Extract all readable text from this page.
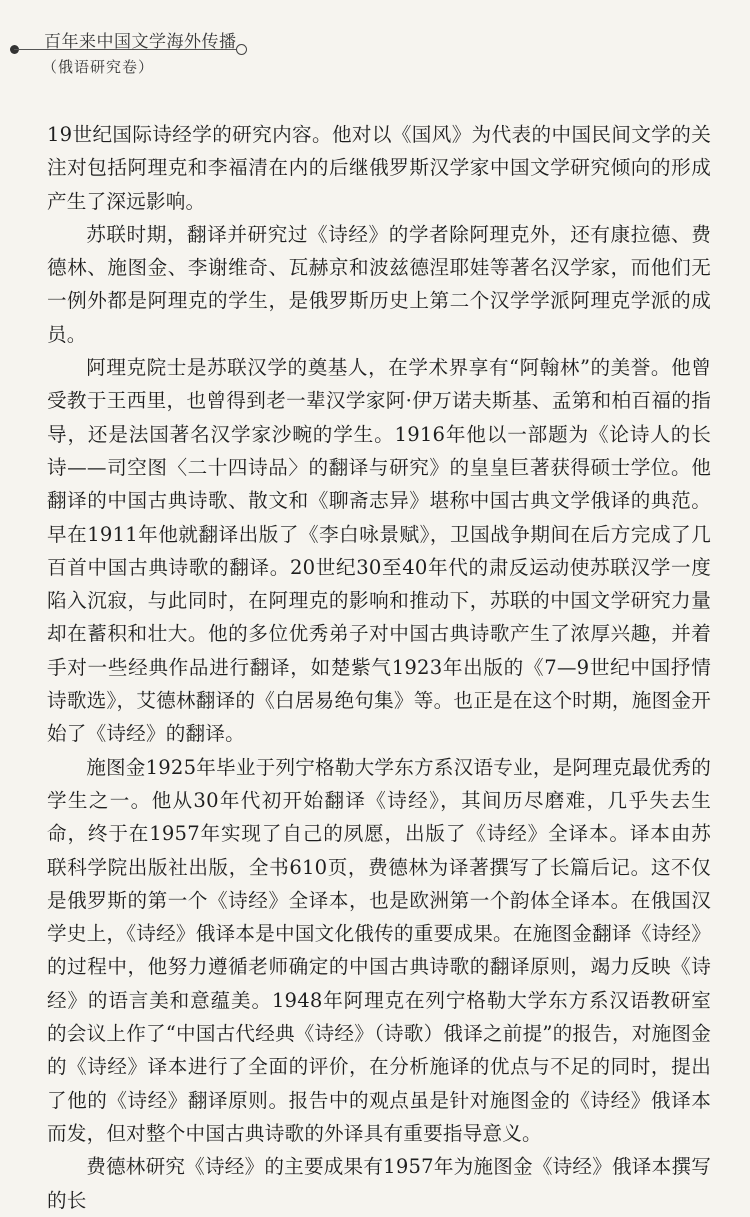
百年来中国文学海外传播
（俄语研究卷）

19世纪国际诗经学的研究内容。他对以《国风》为代表的中国民间文学的关注对包括阿理克和李福清在内的后继俄罗斯汉学家中国文学研究倾向的形成产生了深远影响。

苏联时期，翻译并研究过《诗经》的学者除阿理克外，还有康拉德、费德林、施图金、李谢维奇、瓦赫京和波兹德涅耶娃等著名汉学家，而他们无一例外都是阿理克的学生，是俄罗斯历史上第二个汉学学派阿理克学派的成员。

阿理克院士是苏联汉学的奠基人，在学术界享有“阿翰林”的美誉。他曾受教于王西里，也曾得到老一辈汉学家阿·伊万诺夫斯基、孟第和柏百福的指导，还是法国著名汉学家沙畹的学生。1916年他以一部题为《论诗人的长诗——司空图〈二十四诗品〉的翻译与研究》的皇皇巨著获得硕士学位。他翻译的中国古典诗歌、散文和《聊斋志异》堪称中国古典文学俄译的典范。早在1911年他就翻译出版了《李白咏景赋》，卫国战争期间在后方完成了几百首中国古典诗歌的翻译。20世纪30至40年代的肃反运动使苏联汉学一度陷入沉寂，与此同时，在阿理克的影响和推动下，苏联的中国文学研究力量却在蓄积和壮大。他的多位优秀弟子对中国古典诗歌产生了浓厚兴趣，并着手对一些经典作品进行翻译，如楚紫气1923年出版的《7—9世纪中国抒情诗歌选》，艾德林翻译的《白居易绝句集》等。也正是在这个时期，施图金开始了《诗经》的翻译。

施图金1925年毕业于列宁格勒大学东方系汉语专业，是阿理克最优秀的学生之一。他从30年代初开始翻译《诗经》，其间历尽磨难，几乎失去生命，终于在1957年实现了自己的夙愿，出版了《诗经》全译本。译本由苏联科学院出版社出版，全书610页，费德林为译著撰写了长篇后记。这不仅是俄罗斯的第一个《诗经》全译本，也是欧洲第一个韵体全译本。在俄国汉学史上，《诗经》俄译本是中国文化俄传的重要成果。在施图金翻译《诗经》的过程中，他努力遵循老师确定的中国古典诗歌的翻译原则，竭力反映《诗经》的语言美和意蕴美。1948年阿理克在列宁格勒大学东方系汉语教研室的会议上作了“中国古代经典《诗经》（诗歌）俄译之前提”的报告，对施图金的《诗经》译本进行了全面的评价，在分析施译的优点与不足的同时，提出了他的《诗经》翻译原则。报告中的观点虽是针对施图金的《诗经》俄译本而发，但对整个中国古典诗歌的外译具有重要指导意义。

费德林研究《诗经》的主要成果有1957年为施图金《诗经》俄译本撰写的长
